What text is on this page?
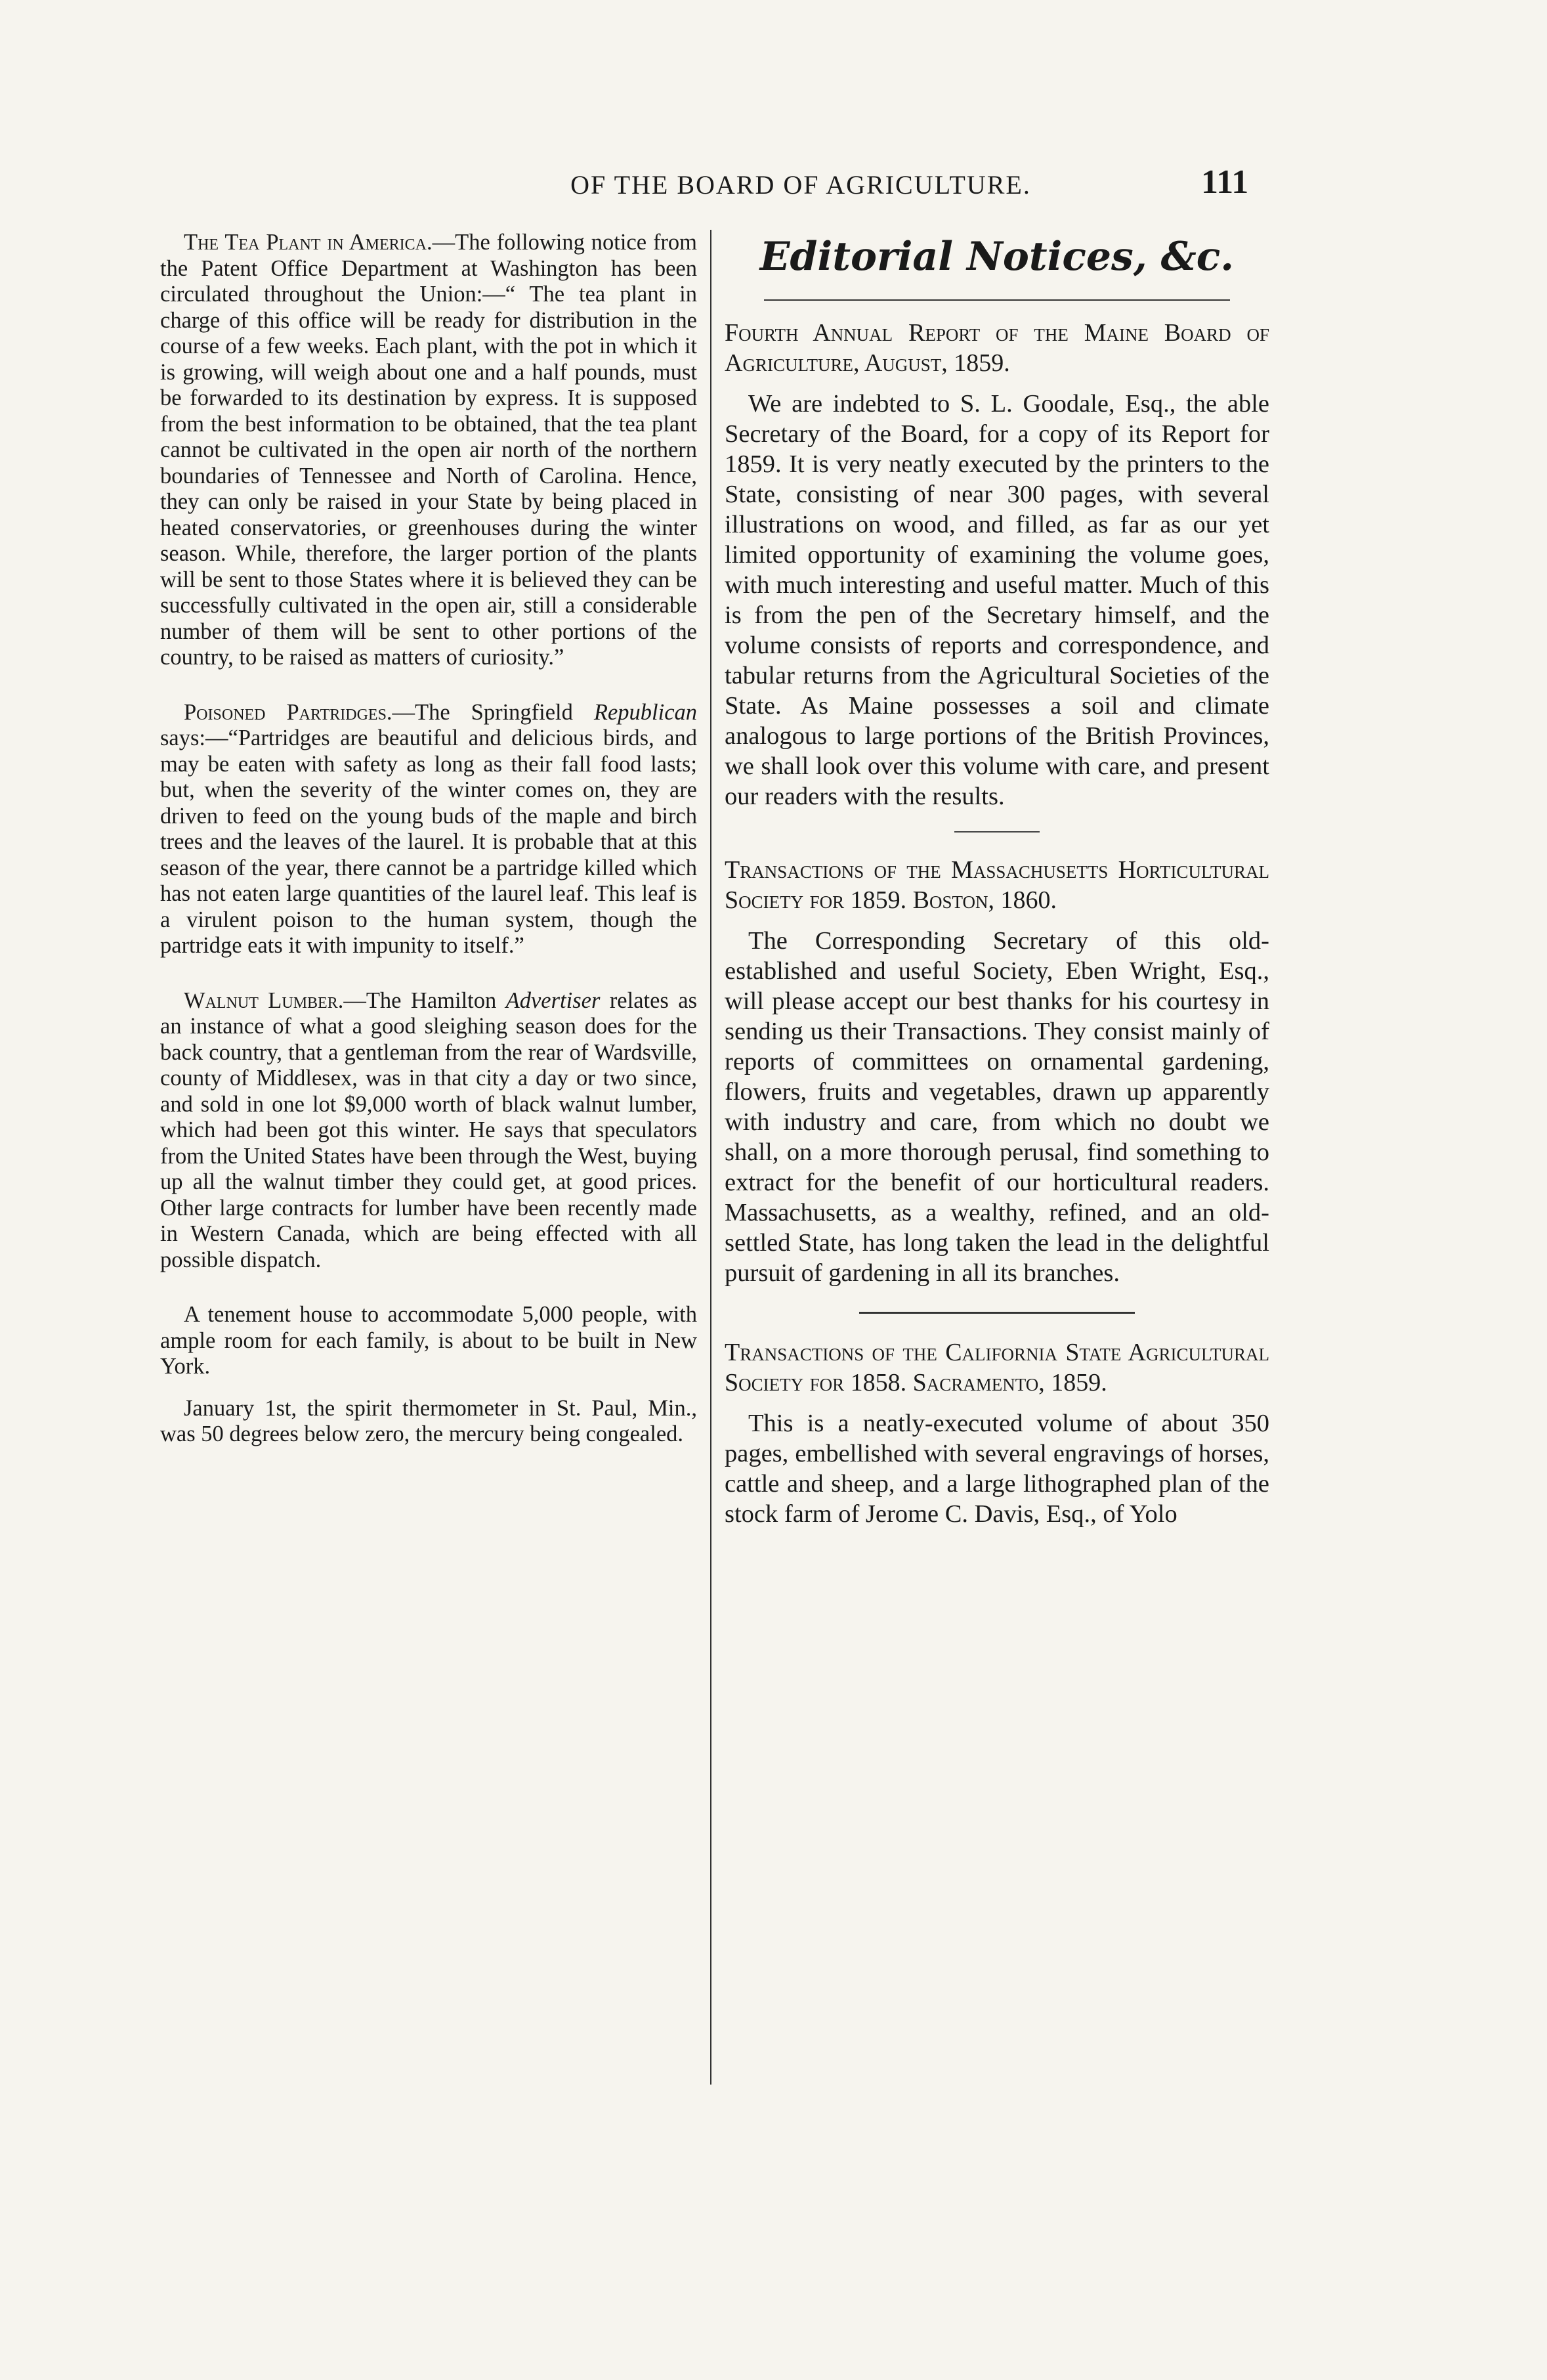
OF THE BOARD OF AGRICULTURE.	111

The Tea Plant in America.—The following notice from the Patent Office Department at Washington has been circulated throughout the Union:—“ The tea plant in charge of this office will be ready for distribution in the course of a few weeks. Each plant, with the pot in which it is growing, will weigh about one and a half pounds, must be forwarded to its destination by express. It is supposed from the best information to be obtained, that the tea plant cannot be cultivated in the open air north of the northern boundaries of Tennessee and North of Carolina. Hence, they can only be raised in your State by being placed in heated conservatories, or greenhouses during the winter season. While, therefore, the larger portion of the plants will be sent to those States where it is believed they can be successfully cultivated in the open air, still a considerable number of them will be sent to other portions of the country, to be raised as matters of curiosity.”

Poisoned Partridges.—The Springfield Republican says:—“Partridges are beautiful and delicious birds, and may be eaten with safety as long as their fall food lasts; but, when the severity of the winter comes on, they are driven to feed on the young buds of the maple and birch trees and the leaves of the laurel. It is probable that at this season of the year, there cannot be a partridge killed which has not eaten large quantities of the laurel leaf. This leaf is a virulent poison to the human system, though the partridge eats it with impunity to itself.”

Walnut Lumber.—The Hamilton Advertiser relates as an instance of what a good sleighing season does for the back country, that a gentleman from the rear of Wardsville, county of Middlesex, was in that city a day or two since, and sold in one lot $9,000 worth of black walnut lumber, which had been got this winter. He says that speculators from the United States have been through the West, buying up all the walnut timber they could get, at good prices. Other large contracts for lumber have been recently made in Western Canada, which are being effected with all possible dispatch.

A tenement house to accommodate 5,000 people, with ample room for each family, is about to be built in New York.

January 1st, the spirit thermometer in St. Paul, Min., was 50 degrees below zero, the mercury being congealed.

Editorial Notices, &c.
Fourth Annual Report of the Maine Board of Agriculture, August, 1859.

We are indebted to S. L. Goodale, Esq., the able Secretary of the Board, for a copy of its Report for 1859. It is very neatly executed by the printers to the State, consisting of near 300 pages, with several illustrations on wood, and filled, as far as our yet limited opportunity of examining the volume goes, with much interesting and useful matter. Much of this is from the pen of the Secretary himself, and the volume consists of reports and correspondence, and tabular returns from the Agricultural Societies of the State. As Maine possesses a soil and climate analogous to large portions of the British Provinces, we shall look over this volume with care, and present our readers with the results.

Transactions of the Massachusetts Horticultural Society for 1859. Boston, 1860.

The Corresponding Secretary of this old-established and useful Society, Eben Wright, Esq., will please accept our best thanks for his courtesy in sending us their Transactions. They consist mainly of reports of committees on ornamental gardening, flowers, fruits and vegetables, drawn up apparently with industry and care, from which no doubt we shall, on a more thorough perusal, find something to extract for the benefit of our horticultural readers. Massachusetts, as a wealthy, refined, and an old-settled State, has long taken the lead in the delightful pursuit of gardening in all its branches.

Transactions of the California State Agricultural Society for 1858. Sacramento, 1859.

This is a neatly-executed volume of about 350 pages, embellished with several engravings of horses, cattle and sheep, and a large lithographed plan of the stock farm of Jerome C. Davis, Esq., of Yolo
